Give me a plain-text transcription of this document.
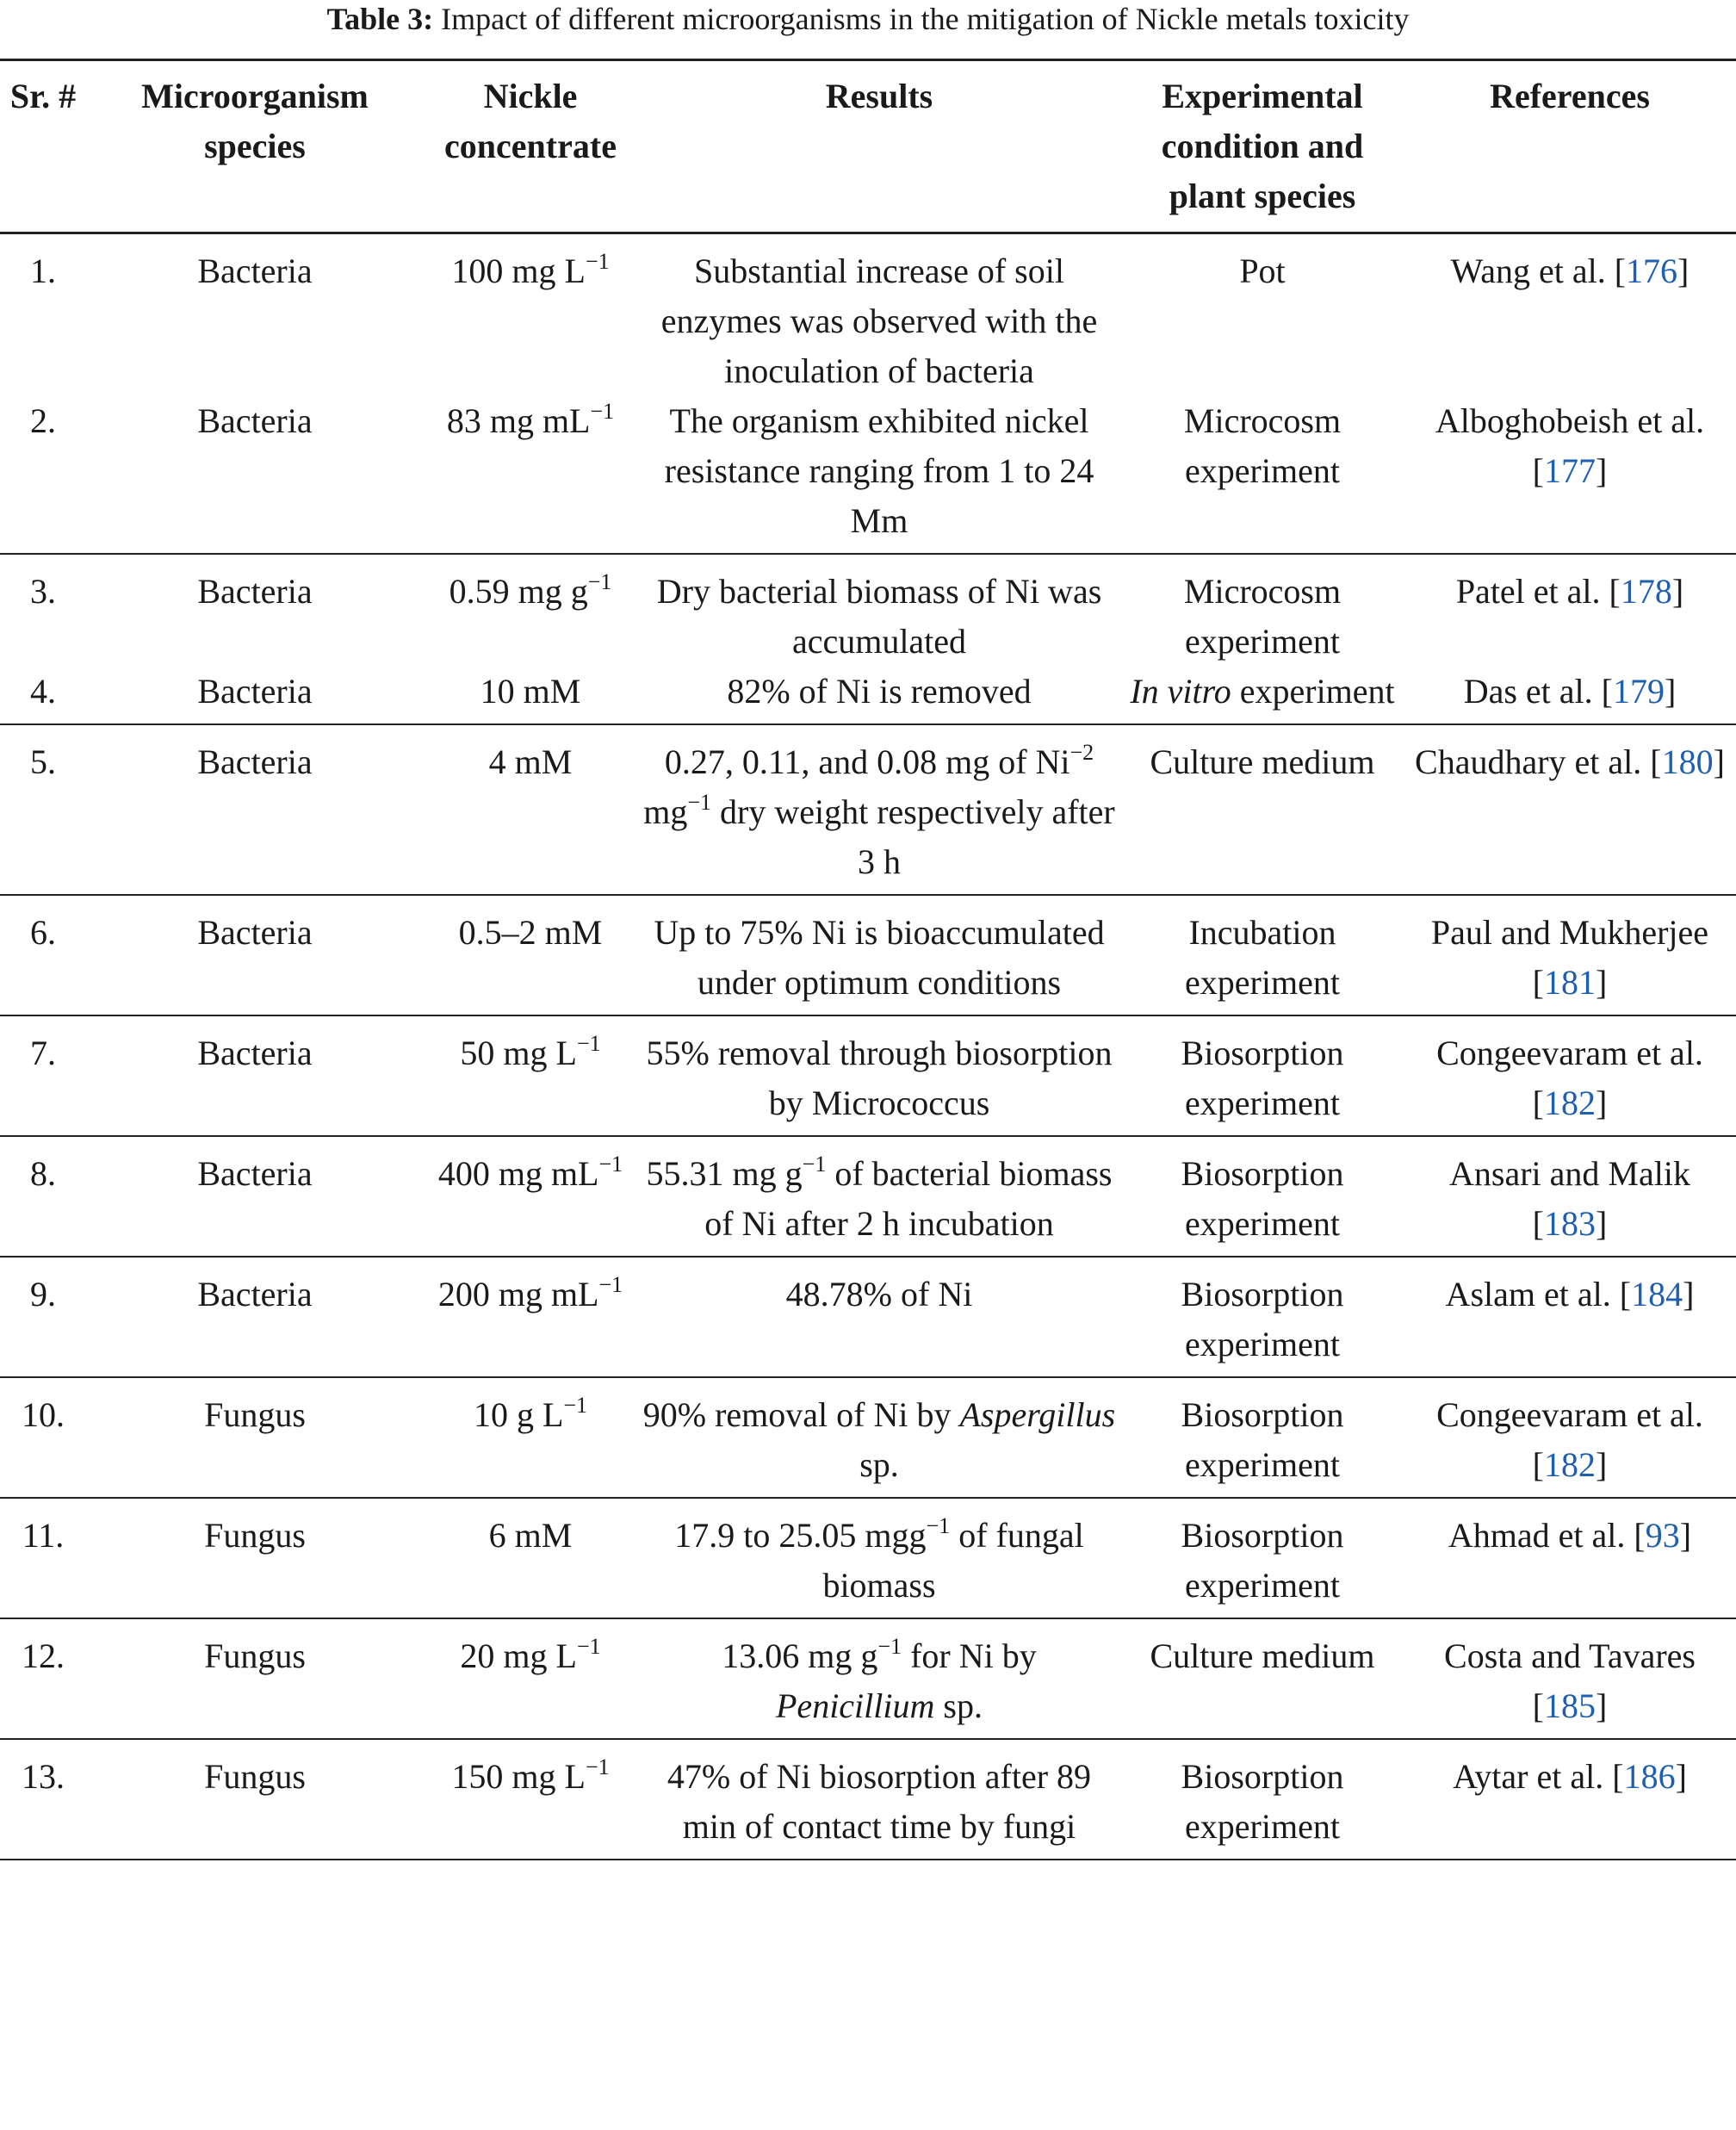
Table 3: Impact of different microorganisms in the mitigation of Nickle metals toxicity
Sr. #	Microorganism species	Nickle concentrate	Results	Experimental condition and plant species	References
1.	Bacteria	100 mg $L^{-1}$	Substantial increase of soil enzymes was observed with the inoculation of bacteria	Pot	Wang et al. [176]
2.	Bacteria	83 mg $mL^{-1}$	The organism exhibited nickel resistance ranging from 1 to 24 Mm	Microcosm experiment	Alboghobeish et al. [177]
3.	Bacteria	0.59 mg $g^{-1}$	Dry bacterial biomass of Ni was accumulated	Microcosm experiment	Patel et al. [178]
4.	Bacteria	10 mM	82% of Ni is removed	In vitro experiment	Das et al. [179]
5.	Bacteria	4 mM	0.27, 0.11, and 0.08 mg of $Ni^{-2}$ $mg^{-1}$ dry weight respectively after 3 h	Culture medium	Chaudhary et al. [180]
6.	Bacteria	0.5–2 mM	Up to 75% Ni is bioaccumulated under optimum conditions	Incubation experiment	Paul and Mukherjee [181]
7.	Bacteria	50 mg $L^{-1}$	55% removal through biosorption by Micrococcus	Biosorption experiment	Congeevaram et al. [182]
8.	Bacteria	400 mg $mL^{-1}$	55.31 mg $g^{-1}$ of bacterial biomass of Ni after 2 h incubation	Biosorption experiment	Ansari and Malik [183]
9.	Bacteria	200 mg $mL^{-1}$	48.78% of Ni	Biosorption experiment	Aslam et al. [184]
10.	Fungus	10 g $L^{-1}$	90% removal of Ni by Aspergillus sp.	Biosorption experiment	Congeevaram et al. [182]
11.	Fungus	6 mM	17.9 to 25.05 mgg$^{-1}$ of fungal biomass	Biosorption experiment	Ahmad et al. [93]
12.	Fungus	20 mg $L^{-1}$	13.06 mg $g^{-1}$ for Ni by Penicillium sp.	Culture medium	Costa and Tavares [185]
13.	Fungus	150 mg $L^{-1}$	47% of Ni biosorption after 89 min of contact time by fungi	Biosorption experiment	Aytar et al. [186]
